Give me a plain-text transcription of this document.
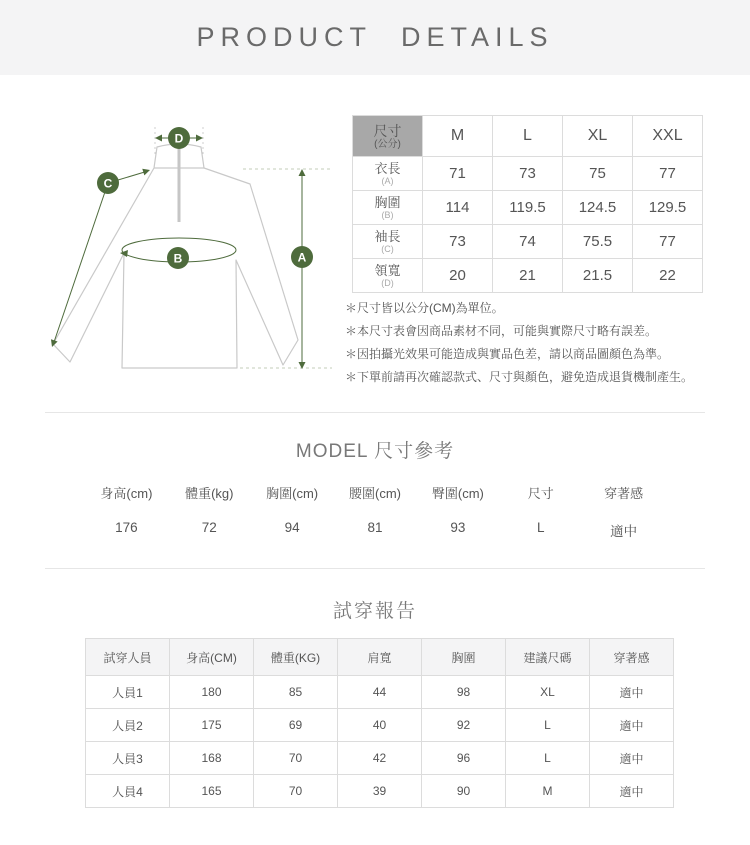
PRODUCT DETAILS
D
C
B	A
尺寸
(公分)	M	L	XL	XXL

衣長
(A)	71	73	75	77

胸圍
(B)	114	119.5	124.5	129.5

袖長
(C)	73	74	75.5	77

領寬
(D)	20	21	21.5	22

＊尺寸皆以公分(CM)為單位。

＊本尺寸表會因商品素材不同，可能與實際尺寸略有誤差。

＊因拍攝光效果可能造成與實品色差，請以商品圖顏色為準。

＊下單前請再次確認款式、尺寸與顏色，避免造成退貨機制產生。

MODEL 尺寸參考
身高(cm)	體重(kg)	胸圍(cm)	腰圍(cm)	臀圍(cm)	尺寸	穿著感
176	72	94	81	93	L	適中
試穿報告
試穿人員	身高(CM)	體重(KG)	肩寬	胸圍	建議尺碼	穿著感
人員1	180	85	44	98	XL	適中
人員2	175	69	40	92	L	適中
人員3	168	70	42	96	L	適中
人員4	165	70	39	90	M	適中
